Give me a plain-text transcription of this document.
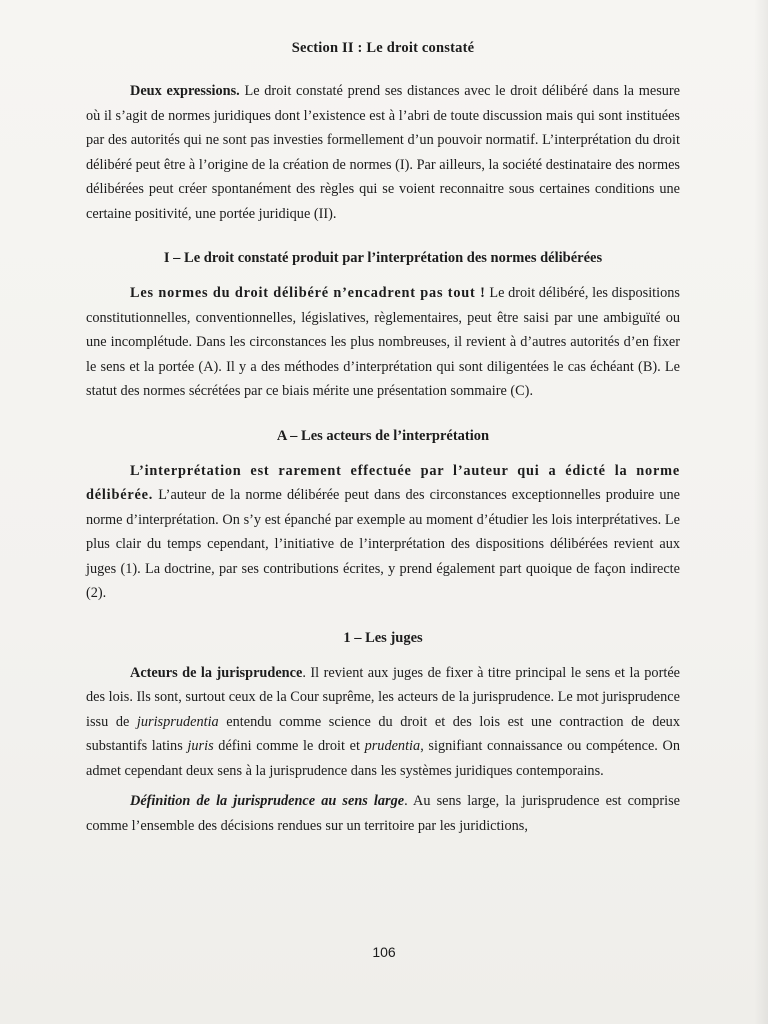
Section II : Le droit constaté

Deux expressions. Le droit constaté prend ses distances avec le droit délibéré dans la mesure où il s’agit de normes juridiques dont l’existence est à l’abri de toute discussion mais qui sont instituées par des autorités qui ne sont pas investies formellement d’un pouvoir normatif. L’interprétation du droit délibéré peut être à l’origine de la création de normes (I). Par ailleurs, la société destinataire des normes délibérées peut créer spontanément des règles qui se voient reconnaitre sous certaines conditions une certaine positivité, une portée juridique (II).

I – Le droit constaté produit par l’interprétation des normes délibérées

Les normes du droit délibéré n’encadrent pas tout ! Le droit délibéré, les dispositions constitutionnelles, conventionnelles, législatives, règlementaires, peut être saisi par une ambiguïté ou une incomplétude. Dans les circonstances les plus nombreuses, il revient à d’autres autorités d’en fixer le sens et la portée (A). Il y a des méthodes d’interprétation qui sont diligentées le cas échéant (B). Le statut des normes sécrétées par ce biais mérite une présentation sommaire (C).

A – Les acteurs de l’interprétation

L’interprétation est rarement effectuée par l’auteur qui a édicté la norme délibérée. L’auteur de la norme délibérée peut dans des circonstances exceptionnelles produire une norme d’interprétation. On s’y est épanché par exemple au moment d’étudier les lois interprétatives. Le plus clair du temps cependant, l’initiative de l’interprétation des dispositions délibérées revient aux juges (1). La doctrine, par ses contributions écrites, y prend également part quoique de façon indirecte (2).

1 – Les juges

Acteurs de la jurisprudence. Il revient aux juges de fixer à titre principal le sens et la portée des lois. Ils sont, surtout ceux de la Cour suprême, les acteurs de la jurisprudence. Le mot jurisprudence issu de jurisprudentia entendu comme science du droit et des lois est une contraction de deux substantifs latins juris défini comme le droit et prudentia, signifiant connaissance ou compétence. On admet cependant deux sens à la jurisprudence dans les systèmes juridiques contemporains.

Définition de la jurisprudence au sens large. Au sens large, la jurisprudence est comprise comme l’ensemble des décisions rendues sur un territoire par les juridictions,

106
